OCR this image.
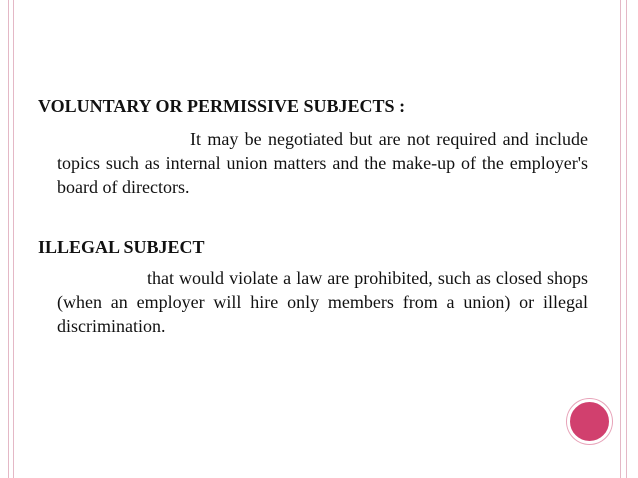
VOLUNTARY OR PERMISSIVE SUBJECTS :
It may be negotiated but are not required and include topics such as internal union matters and the make-up of the employer's board of directors.
ILLEGAL SUBJECT
that would violate a law are prohibited, such as closed shops (when an employer will hire only members from a union) or illegal discrimination.
